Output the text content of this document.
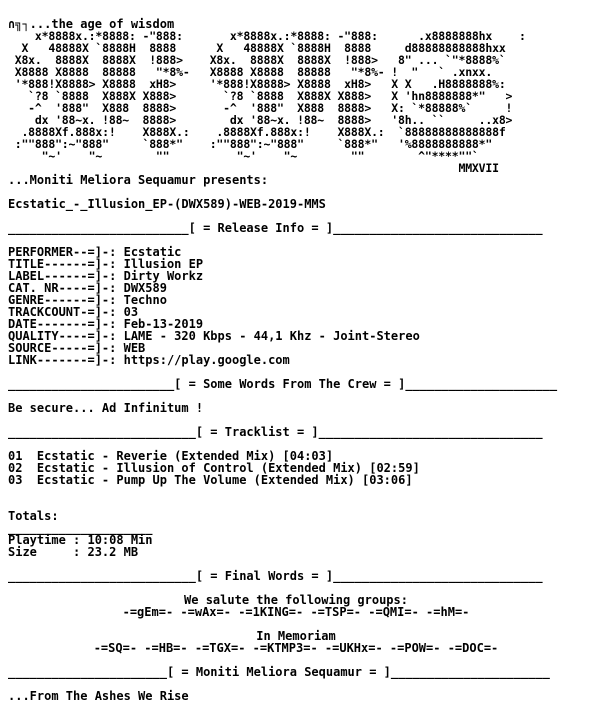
∩╗┐...the age of wisdom
x*8888x.:*8888: -"888:       x*8888x.:*8888: -"888:      .x8888888hx    :
X   48888X `8888H  8888      X   48888X `8888H  8888     d88888888888hxx
X8x.  8888X  8888X  !888>    X8x.  8888X  8888X  !888>   8" ... `"*8888%`
X8888 X8888  88888   "*8%-   X8888 X8888  88888   "*8%- !  "   ` .xnxx.
'*888!X8888> X8888  xH8>     '*888!X8888> X8888  xH8>   X X   .H8888888%:
`?8 `8888  X888X X888>       `?8 `8888  X888X X888>   X 'hn8888888*"   >
-^  '888"  X888  8888>       -^  '888"  X888  8888>   X: `*88888%`     !
dx '88~x. !88~  8888>        dx '88~x. !88~  8888>   '8h.. ``     ..x8>
.8888Xf.888x:!    X888X.:    .8888Xf.888x:!    X888X.:  `88888888888888f
:""888":~"888"     `888*"    :""888":~"888"     `888*"   '%8888888888*"
"~'    "~        ""          "~'    "~        ""        ^"****""`
MMXVII
...Moniti Meliora Sequamur presents:
Ecstatic_-_Illusion_EP-(DWX589)-WEB-2019-MMS
_________________________[ = Release Info = ]_____________________________
PERFORMER--=]-: Ecstatic
TITLE------=]-: Illusion EP
LABEL------=]-: Dirty Workz
CAT. NR----=]-: DWX589
GENRE------=]-: Techno
TRACKCOUNT-=]-: 03
DATE-------=]-: Feb-13-2019
QUALITY----=]-: LAME - 320 Kbps - 44,1 Khz - Joint-Stereo
SOURCE-----=]-: WEB
LINK-------=]-: https://play.google.com
_______________________[ = Some Words From The Crew = ]_____________________
Be secure... Ad Infinitum !
__________________________[ = Tracklist = ]_______________________________
01  Ecstatic - Reverie (Extended Mix) [04:03]
02  Ecstatic - Illusion of Control (Extended Mix) [02:59]
03  Ecstatic - Pump Up The Volume (Extended Mix) [03:06]
Totals:
____________________
Playtime : 10:08 Min
Size     : 23.2 MB
__________________________[ = Final Words = ]_____________________________
We salute the following groups:
-=gEm=- -=wAx=- -=1KING=- -=TSP=- -=QMI=- -=hM=-
In Memoriam
-=SQ=- -=HB=- -=TGX=- -=KTMP3=- -=UKHx=- -=POW=- -=DOC=-
______________________[ = Moniti Meliora Sequamur = ]______________________
...From The Ashes We Rise
